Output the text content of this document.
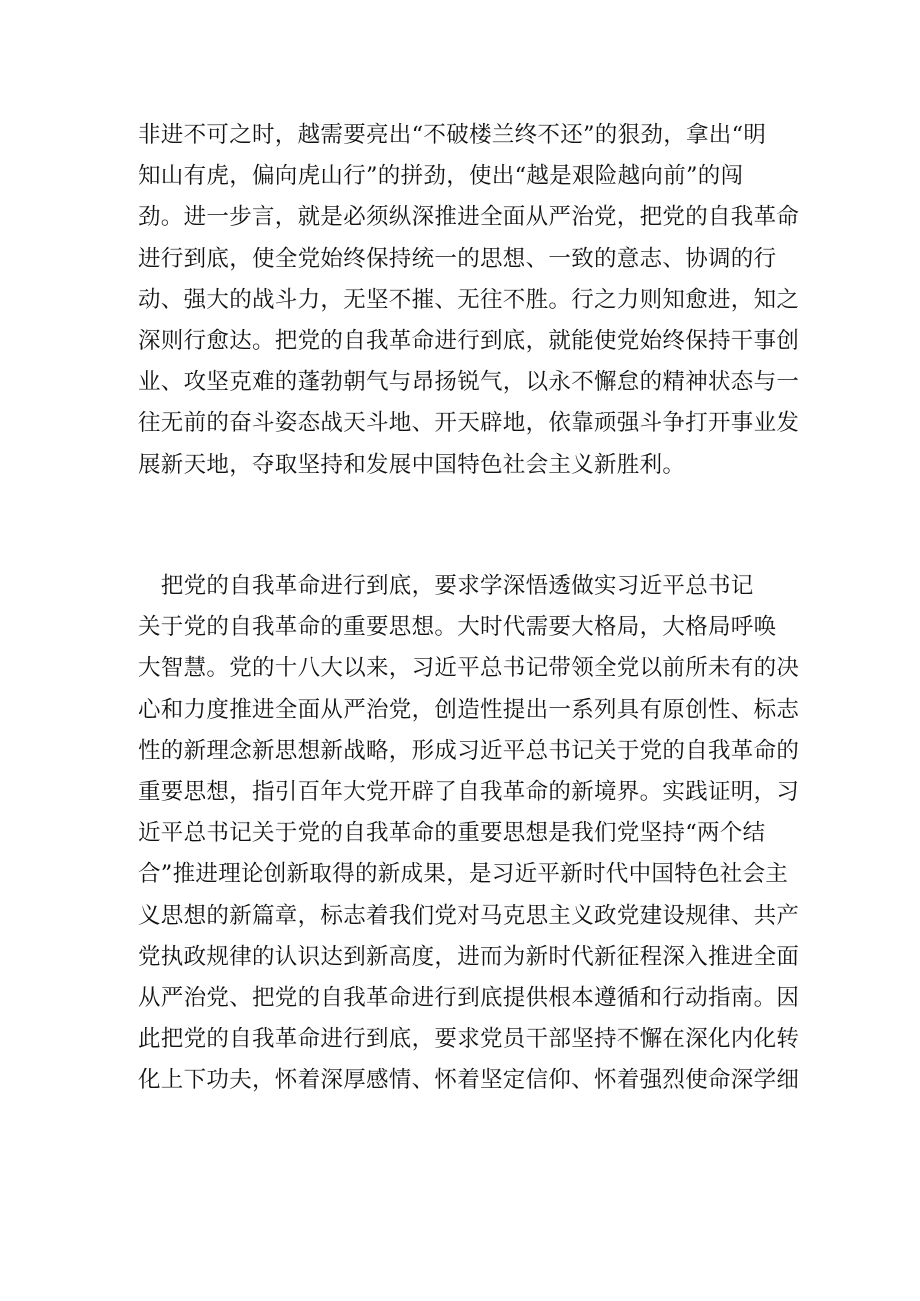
非进不可之时，越需要亮出“不破楼兰终不还”的狠劲，拿出“明
知山有虎，偏向虎山行”的拼劲，使出“越是艰险越向前”的闯
劲。进一步言，就是必须纵深推进全面从严治党，把党的自我革命
进行到底，使全党始终保持统一的思想、一致的意志、协调的行
动、强大的战斗力，无坚不摧、无往不胜。行之力则知愈进，知之
深则行愈达。把党的自我革命进行到底，就能使党始终保持干事创
业、攻坚克难的蓬勃朝气与昂扬锐气，以永不懈怠的精神状态与一
往无前的奋斗姿态战天斗地、开天辟地，依靠顽强斗争打开事业发
展新天地，夺取坚持和发展中国特色社会主义新胜利。
　把党的自我革命进行到底，要求学深悟透做实习近平总书记
关于党的自我革命的重要思想。大时代需要大格局，大格局呼唤
大智慧。党的十八大以来，习近平总书记带领全党以前所未有的决
心和力度推进全面从严治党，创造性提出一系列具有原创性、标志
性的新理念新思想新战略，形成习近平总书记关于党的自我革命的
重要思想，指引百年大党开辟了自我革命的新境界。实践证明，习
近平总书记关于党的自我革命的重要思想是我们党坚持“两个结
合”推进理论创新取得的新成果，是习近平新时代中国特色社会主
义思想的新篇章，标志着我们党对马克思主义政党建设规律、共产
党执政规律的认识达到新高度，进而为新时代新征程深入推进全面
从严治党、把党的自我革命进行到底提供根本遵循和行动指南。因
此把党的自我革命进行到底，要求党员干部坚持不懈在深化内化转
化上下功夫，怀着深厚感情、怀着坚定信仰、怀着强烈使命深学细
